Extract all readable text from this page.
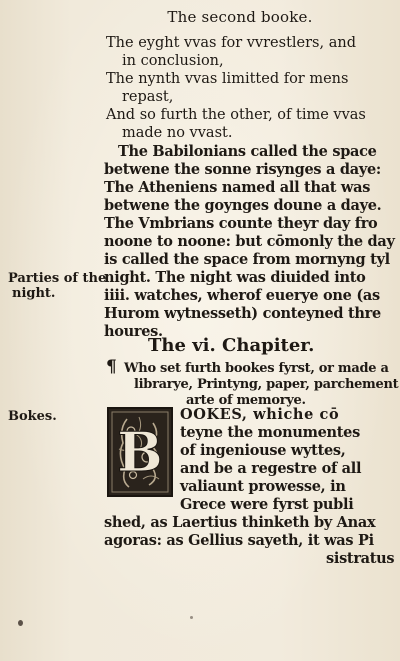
The second booke.
The eyght vvas for vvrestlers, and
in conclusion,
The nynth vvas limitted for mens
repast,
And so furth the other, of time vvas
made no vvast.
The Babilonians called the space
betwene the sonne risynges a daye:
The Atheniens named all that was
betwene the goynges doune a daye.
The Vmbrians counte theyr day fro
noone to noone: but cōmonly the day
is called the space from mornyng tyl
night. The night was diuided into
iiii. watches, wherof euerye one (as
Hurom wytnesseth) conteyned thre
houres.
Parties of the
night.
Bokes.
The vi. Chapiter.
Who set furth bookes fyrst, or made a
librarye, Printyng, paper, parchement
arte of memorye.
¶
B
OOKES, whiche cō
teyne the monumentes
of ingeniouse wyttes,
and be a regestre of all
valiaunt prowesse, in
Grece were fyrst publi
shed, as Laertius thinketh by Anax
agoras: as Gellius sayeth, it was Pi
sistratus
